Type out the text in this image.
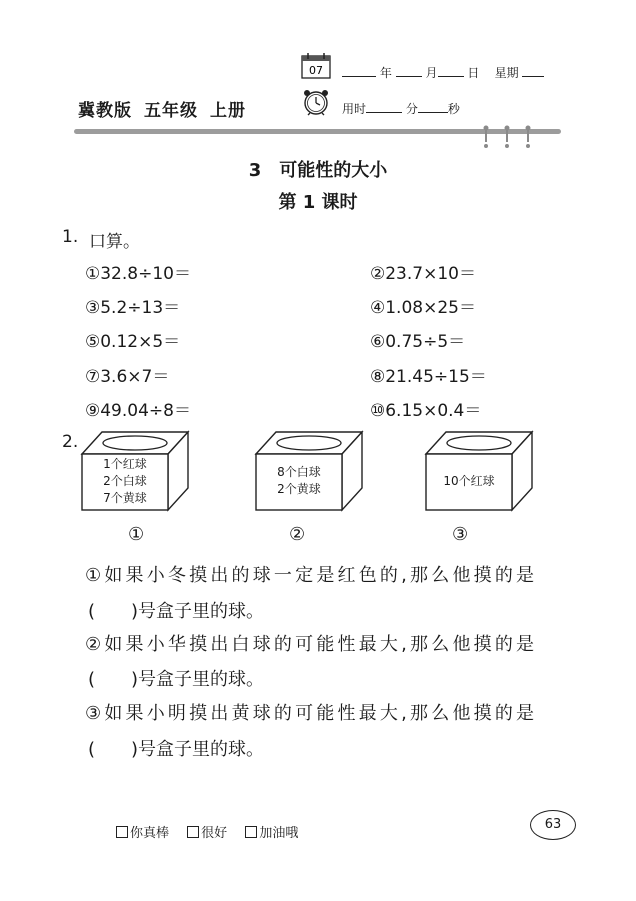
07	年	月 日 星期
冀教版 五年级 上册	用时	分	秒
3　可能性的大小
第 1 课时
1. 口算。
①32.8÷10＝	②23.7×10＝
③5.2÷13＝	④1.08×25＝
⑤0.12×5＝	⑥0.75÷5＝
⑦3.6×7＝	⑧21.45÷15＝
⑨49.04÷8＝	⑩6.15×0.4＝
2.
1个红球
2个白球
7个黄球
①
8个白球
2个黄球
②
10个红球
③
①如果小冬摸出的球一定是红色的,那么他摸的是
(　　)号盒子里的球。
②如果小华摸出白球的可能性最大,那么他摸的是
(　　)号盒子里的球。
③如果小明摸出黄球的可能性最大,那么他摸的是
(　　)号盒子里的球。
你真棒 很好 加油哦
63
